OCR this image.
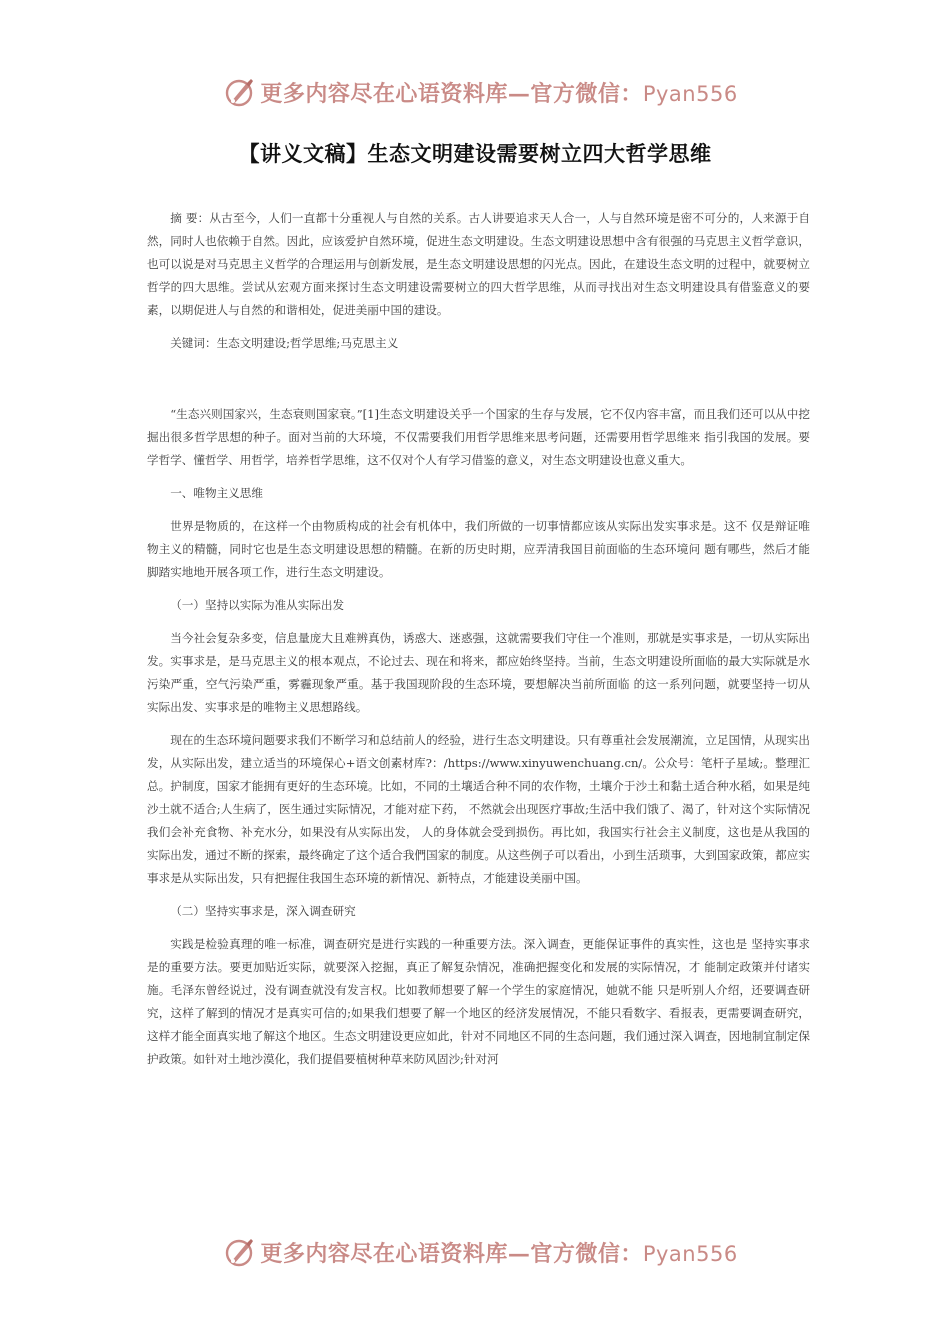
更多内容尽在心语资料库—官方微信：Pyan556
【讲义文稿】生态文明建设需要树立四大哲学思维

摘 要：从古至今，人们一直都十分重视人与自然的关系。古人讲要追求天人合一，人与自然环境是密不可分的，人来源于自然，同时人也依赖于自然。因此，应该爱护自然环境，促进生态文明建设。生态文明建设思想中含有很强的马克思主义哲学意识，也可以说是对马克思主义哲学的合理运用与创新发展，是生态文明建设思想的闪光点。因此，在建设生态文明的过程中，就要树立哲学的四大思维。尝试从宏观方面来探讨生态文明建设需要树立的四大哲学思维，从而寻找出对生态文明建设具有借鉴意义的要素，以期促进人与自然的和谐相处，促进美丽中国的建设。

关键词：生态文明建设;哲学思维;马克思主义

“生态兴则国家兴，生态衰则国家衰。”[1]生态文明建设关乎一个国家的生存与发展，它不仅内容丰富，而且我们还可以从中挖掘出很多哲学思想的种子。面对当前的大环境，不仅需要我们用哲学思维来思考问题，还需要用哲学思维来 指引我国的发展。要学哲学、懂哲学、用哲学，培养哲学思维，这不仅对个人有学习借鉴的意义，对生态文明建设也意义重大。

一、唯物主义思维

世界是物质的，在这样一个由物质构成的社会有机体中，我们所做的一切事情都应该从实际出发实事求是。这不 仅是辩证唯物主义的精髓，同时它也是生态文明建设思想的精髓。在新的历史时期，应弄清我国目前面临的生态环境问 题有哪些，然后才能脚踏实地地开展各项工作，进行生态文明建设。

（一）坚持以实际为准从实际出发

当今社会复杂多变，信息量庞大且难辨真伪，诱惑大、迷惑强，这就需要我们守住一个准则，那就是实事求是，一切从实际出发。实事求是，是马克思主义的根本观点，不论过去、现在和将来，都应始终坚持。当前，生态文明建设所面临的最大实际就是水污染严重，空气污染严重，雾霾现象严重。基于我国现阶段的生态环境，要想解决当前所面临 的这一系列问题，就要坚持一切从实际出发、实事求是的唯物主义思想路线。

现在的生态环境问题要求我们不断学习和总结前人的经验，进行生态文明建设。只有尊重社会发展潮流，立足国情，从现实出发，从实际出发，建立适当的环境保心+语文创素材库?：/https://www.xinyuwenchuang.cn/。公众号：笔杆子星域;。整理汇总。护制度，国家才能拥有更好的生态环境。比如，不同的土壤适合种不同的农作物，土壤介于沙土和黏土适合种水稻，如果是纯沙土就不适合;人生病了，医生通过实际情况，才能对症下药， 不然就会出现医疗事故;生活中我们饿了、渴了，针对这个实际情况我们会补充食物、补充水分，如果没有从实际出发， 人的身体就会受到损伤。再比如，我国实行社会主义制度，这也是从我国的实际出发，通过不断的探索，最终确定了这个适合我們国家的制度。从这些例子可以看出，小到生活琐事，大到国家政策，都应实事求是从实际出发，只有把握住我国生态环境的新情况、新特点，才能建设美丽中国。

（二）坚持实事求是，深入调查研究

实践是检验真理的唯一标准，调查研究是进行实践的一种重要方法。深入调查，更能保证事件的真实性，这也是 坚持实事求是的重要方法。要更加贴近实际，就要深入挖掘，真正了解复杂情况，准确把握变化和发展的实际情况，才 能制定政策并付诸实施。毛泽东曾经说过，没有调查就没有发言权。比如教师想要了解一个学生的家庭情况，她就不能 只是听别人介绍，还要调查研究，这样了解到的情况才是真实可信的;如果我们想要了解一个地区的经济发展情况，不能只看数字、看报表，更需要调查研究，这样才能全面真实地了解这个地区。生态文明建设更应如此，针对不同地区不同的生态问题，我们通过深入调查，因地制宜制定保护政策。如针对土地沙漠化，我们提倡要植树种草来防风固沙;针对河

更多内容尽在心语资料库—官方微信：Pyan556
